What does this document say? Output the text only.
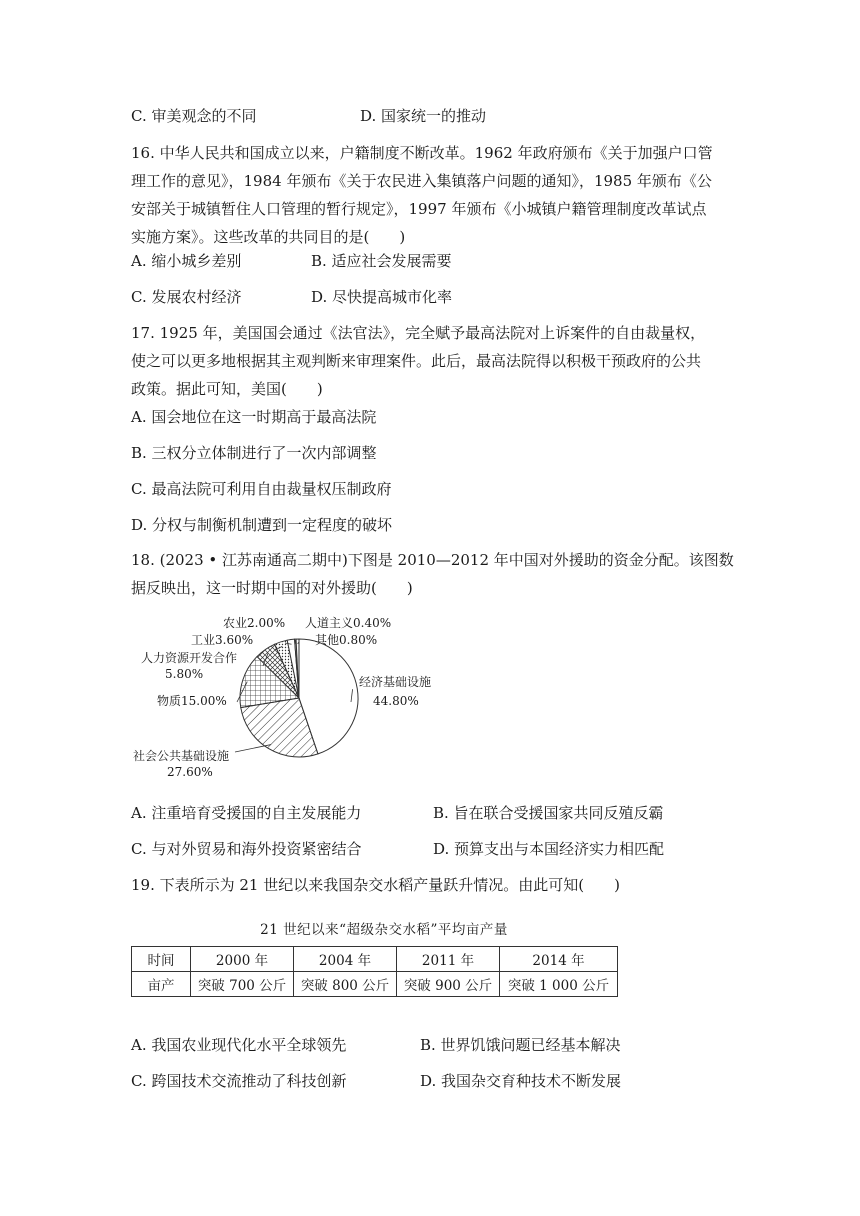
C. 审美观念的不同	D. 国家统一的推动
16. 中华人民共和国成立以来，户籍制度不断改革。1962 年政府颁布《关于加强户口管
理工作的意见》，1984 年颁布《关于农民进入集镇落户问题的通知》，1985 年颁布《公
安部关于城镇暂住人口管理的暂行规定》，1997 年颁布《小城镇户籍管理制度改革试点
实施方案》。这些改革的共同目的是(　　)
A. 缩小城乡差别	B. 适应社会发展需要
C. 发展农村经济	D. 尽快提高城市化率
17. 1925 年，美国国会通过《法官法》，完全赋予最高法院对上诉案件的自由裁量权，
使之可以更多地根据其主观判断来审理案件。此后，最高法院得以积极干预政府的公共
政策。据此可知，美国(　　)
A. 国会地位在这一时期高于最高法院
B. 三权分立体制进行了一次内部调整
C. 最高法院可利用自由裁量权压制政府
D. 分权与制衡机制遭到一定程度的破坏
18. (2023 • 江苏南通高二期中)下图是 2010—2012 年中国对外援助的资金分配。该图数
据反映出，这一时期中国的对外援助(　　)
经济基础设施
44.80%
社会公共基础设施
27.60%
物质15.00%
人力资源开发合作
5.80%
工业3.60%
农业2.00% 人道主义0.40%
其他0.80%
A. 注重培育受援国的自主发展能力	B. 旨在联合受援国家共同反殖反霸
C. 与对外贸易和海外投资紧密结合	D. 预算支出与本国经济实力相匹配
19. 下表所示为 21 世纪以来我国杂交水稻产量跃升情况。由此可知(　　)
21 世纪以来“超级杂交水稻”平均亩产量
时间	2000 年	2004 年	2011 年	2014 年
亩产	突破 700 公斤	突破 800 公斤	突破 900 公斤	突破 1 000 公斤
A. 我国农业现代化水平全球领先	B. 世界饥饿问题已经基本解决
C. 跨国技术交流推动了科技创新	D. 我国杂交育种技术不断发展
